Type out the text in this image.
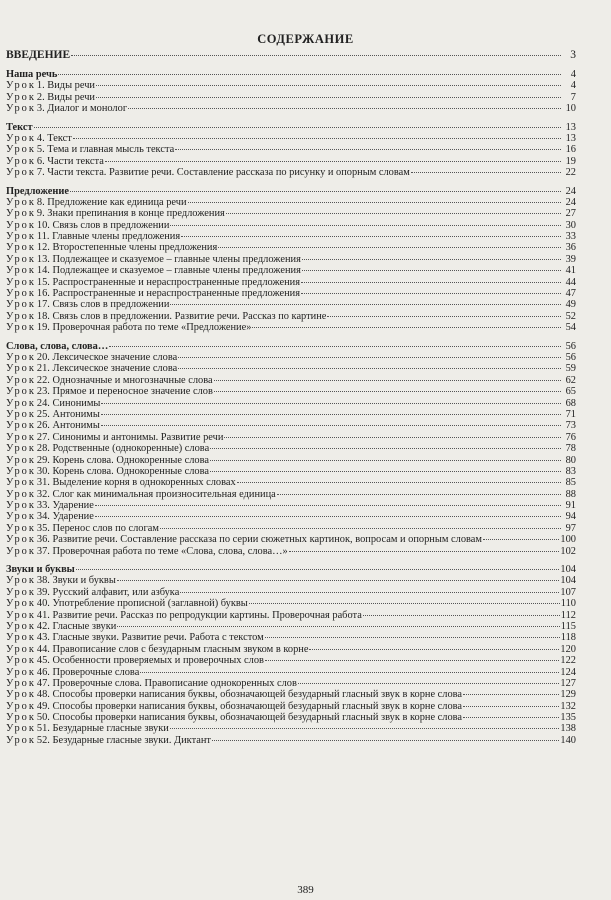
СОДЕРЖАНИЕ
ВВЕДЕНИЕ	3
Наша речь	4
Урок1. Виды речи	4
Урок2. Виды речи	7
Урок3. Диалог и монолог	10
Текст	13
Урок4. Текст	13
Урок5. Тема и главная мысль текста	16
Урок6. Части текста	19
Урок7. Части текста. Развитие речи. Составление рассказа по рисунку и опорным словам	22
Предложение	24
Урок8. Предложение как единица речи	24
Урок9. Знаки препинания в конце предложения	27
Урок10. Связь слов в предложении	30
Урок11. Главные члены предложения	33
Урок12. Второстепенные члены предложения	36
Урок13. Подлежащее и сказуемое – главные члены предложения	39
Урок14. Подлежащее и сказуемое – главные члены предложения	41
Урок15. Распространенные и нераспространенные предложения	44
Урок16. Распространенные и нераспространенные предложения	47
Урок17. Связь слов в предложении	49
Урок18. Связь слов в предложении. Развитие речи. Рассказ по картине	52
Урок19. Проверочная работа по теме «Предложение»	54
Слова, слова, слова…	56
Урок20. Лексическое значение слова	56
Урок21. Лексическое значение слова	59
Урок22. Однозначные и многозначные слова	62
Урок23. Прямое и переносное значение слов	65
Урок24. Синонимы	68
Урок25. Антонимы	71
Урок26. Антонимы	73
Урок27. Синонимы и антонимы. Развитие речи	76
Урок28. Родственные (однокоренные) слова	78
Урок29. Корень слова. Однокоренные слова	80
Урок30. Корень слова. Однокоренные слова	83
Урок31. Выделение корня в однокоренных словах	85
Урок32. Слог как минимальная произносительная единица	88
Урок33. Ударение	91
Урок34. Ударение	94
Урок35. Перенос слов по слогам	97
Урок36. Развитие речи. Составление рассказа по серии сюжетных картинок, вопросам и опорным словам	100
Урок37. Проверочная работа по теме «Слова, слова, слова…»	102
Звуки и буквы	104
Урок38. Звуки и буквы	104
Урок39. Русский алфавит, или азбука	107
Урок40. Употребление прописной (заглавной) буквы	110
Урок41. Развитие речи. Рассказ по репродукции картины. Проверочная работа	112
Урок42. Гласные звуки	115
Урок43. Гласные звуки. Развитие речи. Работа с текстом	118
Урок44. Правописание слов с безударным гласным звуком в корне	120
Урок45. Особенности проверяемых и проверочных слов	122
Урок46. Проверочные слова	124
Урок47. Проверочные слова. Правописание однокоренных слов	127
Урок48. Способы проверки написания буквы, обозначающей безударный гласный звук в корне слова	129
Урок49. Способы проверки написания буквы, обозначающей безударный гласный звук в корне слова	132
Урок50. Способы проверки написания буквы, обозначающей безударный гласный звук в корне слова	135
Урок51. Безударные гласные звуки	138
Урок52. Безударные гласные звуки. Диктант	140
389
